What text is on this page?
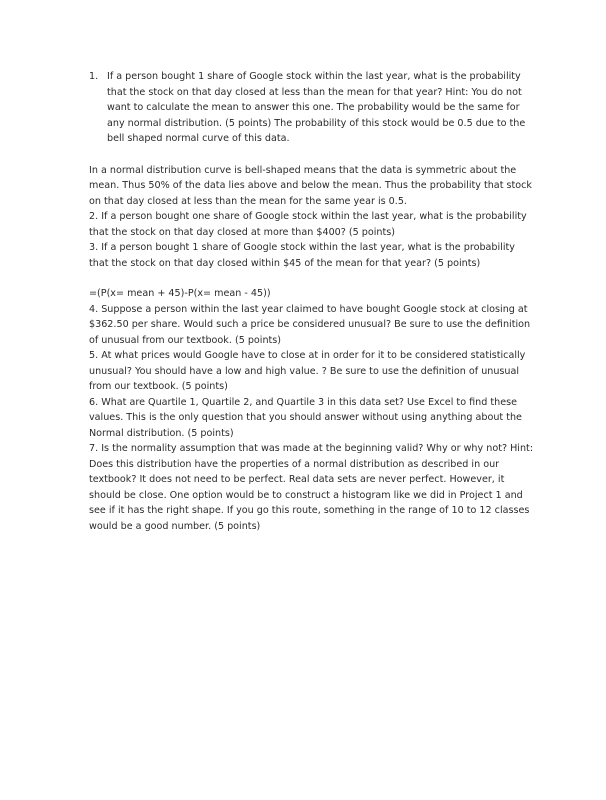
1. If a person bought 1 share of Google stock within the last year, what is the probability that the stock on that day closed at less than the mean for that year? Hint: You do not want to calculate the mean to answer this one. The probability would be the same for any normal distribution. (5 points) The probability of this stock would be 0.5 due to the bell shaped normal curve of this data.
In a normal distribution curve is bell-shaped means that the data is symmetric about the mean. Thus 50% of the data lies above and below the mean. Thus the probability that stock on that day closed at less than the mean for the same year is 0.5.
2. If a person bought one share of Google stock within the last year, what is the probability that the stock on that day closed at more than $400? (5 points)
3. If a person bought 1 share of Google stock within the last year, what is the probability that the stock on that day closed within $45 of the mean for that year? (5 points)
=(P(x= mean + 45)-P(x= mean - 45))
4. Suppose a person within the last year claimed to have bought Google stock at closing at $362.50 per share. Would such a price be considered unusual? Be sure to use the definition of unusual from our textbook. (5 points)
5. At what prices would Google have to close at in order for it to be considered statistically unusual? You should have a low and high value. ? Be sure to use the definition of unusual from our textbook. (5 points)
6. What are Quartile 1, Quartile 2, and Quartile 3 in this data set? Use Excel to find these values. This is the only question that you should answer without using anything about the Normal distribution. (5 points)
7. Is the normality assumption that was made at the beginning valid? Why or why not? Hint: Does this distribution have the properties of a normal distribution as described in our textbook? It does not need to be perfect. Real data sets are never perfect. However, it should be close. One option would be to construct a histogram like we did in Project 1 and see if it has the right shape. If you go this route, something in the range of 10 to 12 classes would be a good number. (5 points)
